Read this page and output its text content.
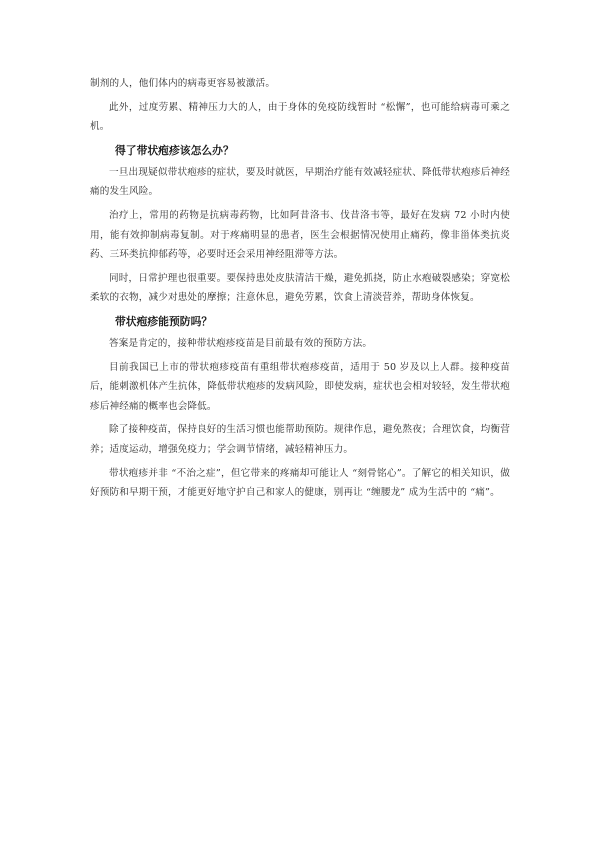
制剂的人，他们体内的病毒更容易被激活。

此外，过度劳累、精神压力大的人，由于身体的免疫防线暂时 “松懈”，也可能给病毒可乘之机。

得了带状疱疹该怎么办？

一旦出现疑似带状疱疹的症状，要及时就医，早期治疗能有效减轻症状、降低带状疱疹后神经痛的发生风险。

治疗上，常用的药物是抗病毒药物，比如阿昔洛韦、伐昔洛韦等，最好在发病 72 小时内使用，能有效抑制病毒复制。对于疼痛明显的患者，医生会根据情况使用止痛药，像非甾体类抗炎药、三环类抗抑郁药等，必要时还会采用神经阻滞等方法。

同时，日常护理也很重要。要保持患处皮肤清洁干燥，避免抓挠，防止水疱破裂感染；穿宽松柔软的衣物，减少对患处的摩擦；注意休息，避免劳累，饮食上清淡营养，帮助身体恢复。

带状疱疹能预防吗？

答案是肯定的，接种带状疱疹疫苗是目前最有效的预防方法。

目前我国已上市的带状疱疹疫苗有重组带状疱疹疫苗，适用于 50 岁及以上人群。接种疫苗后，能刺激机体产生抗体，降低带状疱疹的发病风险，即使发病，症状也会相对较轻，发生带状疱疹后神经痛的概率也会降低。

除了接种疫苗，保持良好的生活习惯也能帮助预防。规律作息，避免熬夜；合理饮食，均衡营养；适度运动，增强免疫力；学会调节情绪，减轻精神压力。

带状疱疹并非 “不治之症”，但它带来的疼痛却可能让人 “刻骨铭心”。了解它的相关知识，做好预防和早期干预，才能更好地守护自己和家人的健康，别再让 “缠腰龙” 成为生活中的 “痛”。
